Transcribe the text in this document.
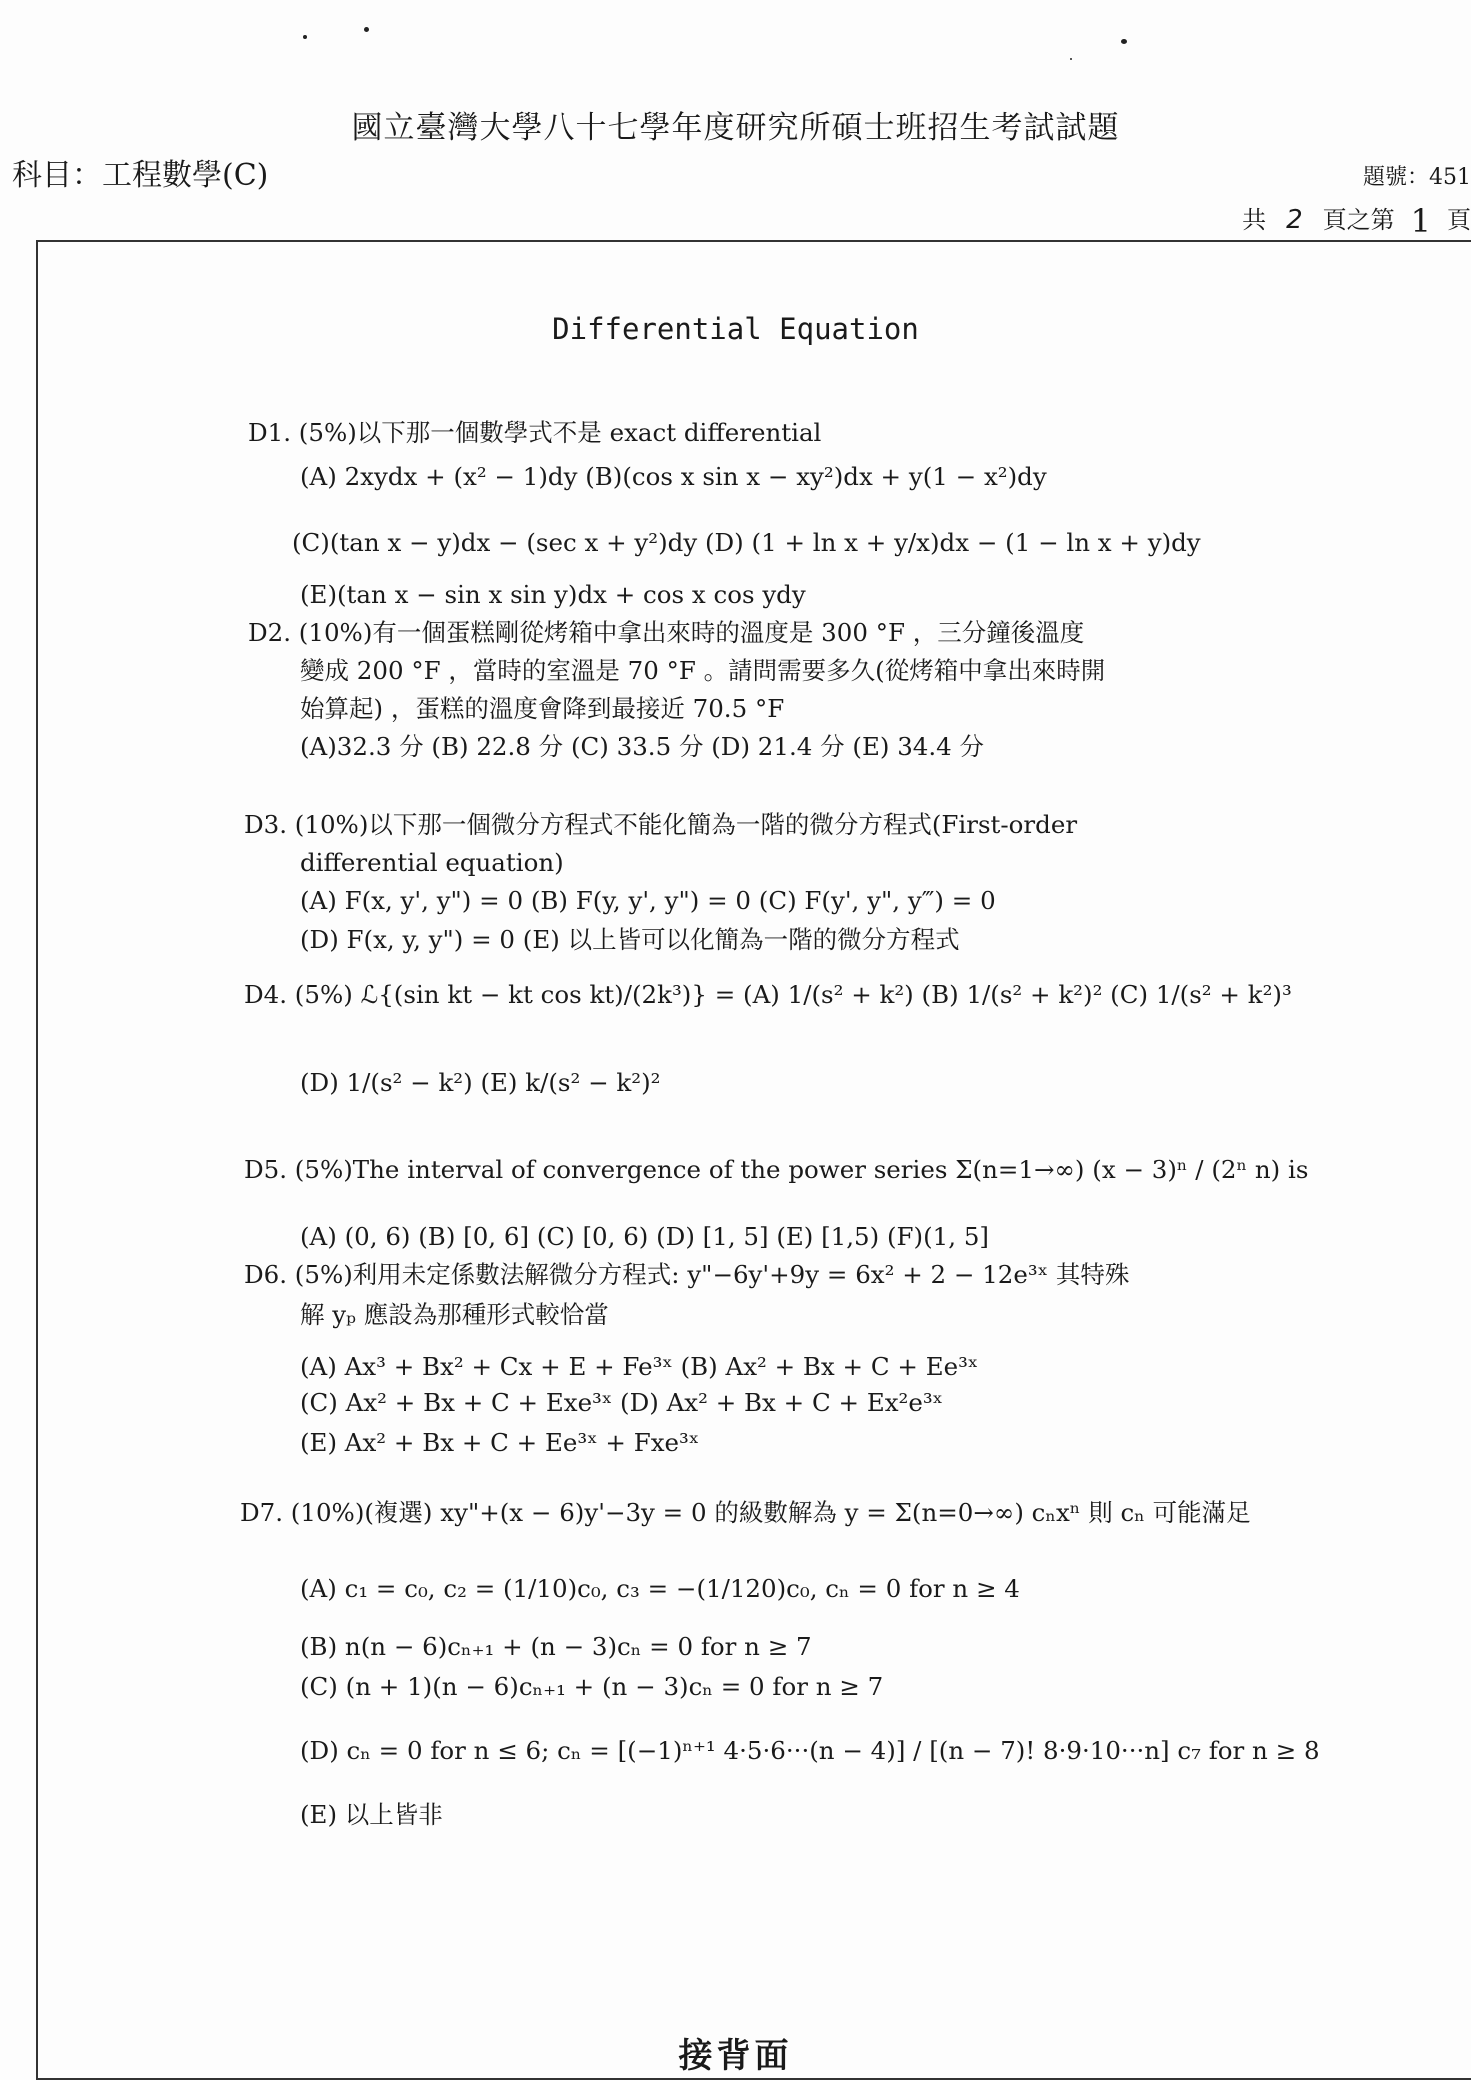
國立臺灣大學八十七學年度研究所碩士班招生考試試題
科目：工程數學(C)	題號：451
共 2 頁之第 1 頁
Differential Equation
D1. (5%)以下那一個數學式不是 exact differential
(A) 2xydx + (x² − 1)dy (B)(cos x sin x − xy²)dx + y(1 − x²)dy
(C)(tan x − y)dx − (sec x + y²)dy (D) (1 + ln x + y/x)dx − (1 − ln x + y)dy
(E)(tan x − sin x sin y)dx + cos x cos ydy
D2. (10%)有一個蛋糕剛從烤箱中拿出來時的溫度是 300 °F ，三分鐘後溫度
變成 200 °F ，當時的室溫是 70 °F 。請問需要多久(從烤箱中拿出來時開
始算起) ，蛋糕的溫度會降到最接近 70.5 °F
(A)32.3 分 (B) 22.8 分 (C) 33.5 分 (D) 21.4 分 (E) 34.4 分
D3. (10%)以下那一個微分方程式不能化簡為一階的微分方程式(First-order
differential equation)
(A) F(x, y', y") = 0 (B) F(y, y', y") = 0 (C) F(y', y", y‴) = 0
(D) F(x, y, y") = 0 (E) 以上皆可以化簡為一階的微分方程式
D4. (5%) ℒ{(sin kt − kt cos kt)/(2k³)} = (A) 1/(s² + k²) (B) 1/(s² + k²)² (C) 1/(s² + k²)³
(D) 1/(s² − k²) (E) k/(s² − k²)²
D5. (5%)The interval of convergence of the power series Σ(n=1→∞) (x − 3)ⁿ / (2ⁿ n) is
(A) (0, 6) (B) [0, 6] (C) [0, 6) (D) [1, 5] (E) [1,5) (F)(1, 5]
D6. (5%)利用未定係數法解微分方程式: y"−6y'+9y = 6x² + 2 − 12e³ˣ 其特殊
解 yₚ 應設為那種形式較恰當
(A) Ax³ + Bx² + Cx + E + Fe³ˣ (B) Ax² + Bx + C + Ee³ˣ
(C) Ax² + Bx + C + Exe³ˣ (D) Ax² + Bx + C + Ex²e³ˣ
(E) Ax² + Bx + C + Ee³ˣ + Fxe³ˣ
D7. (10%)(複選) xy"+(x − 6)y'−3y = 0 的級數解為 y = Σ(n=0→∞) cₙxⁿ 則 cₙ 可能滿足
(A) c₁ = c₀, c₂ = (1/10)c₀, c₃ = −(1/120)c₀, cₙ = 0 for n ≥ 4
(B) n(n − 6)cₙ₊₁ + (n − 3)cₙ = 0 for n ≥ 7
(C) (n + 1)(n − 6)cₙ₊₁ + (n − 3)cₙ = 0 for n ≥ 7
(D) cₙ = 0 for n ≤ 6; cₙ = [(−1)ⁿ⁺¹ 4·5·6···(n − 4)] / [(n − 7)! 8·9·10···n] c₇ for n ≥ 8
(E) 以上皆非
接背面
